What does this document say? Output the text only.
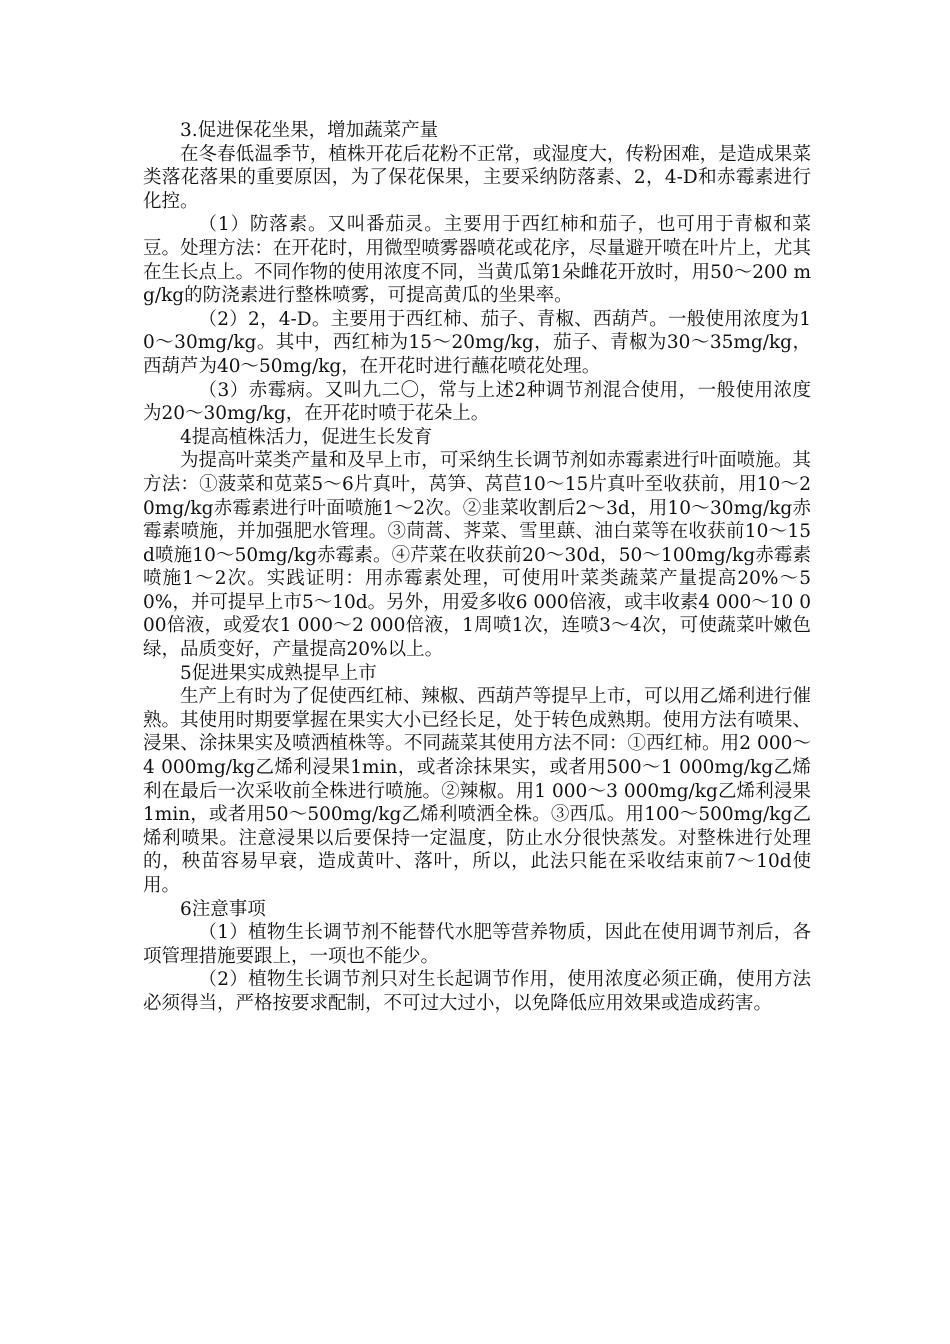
3.促进保花坐果，增加蔬菜产量

在冬春低温季节，植株开花后花粉不正常，或湿度大，传粉困难，是造成果菜类落花落果的重要原因，为了保花保果，主要采纳防落素、2，4-D和赤霉素进行化控。

（1）防落素。又叫番茄灵。主要用于西红柿和茄子，也可用于青椒和菜豆。处理方法：在开花时，用微型喷雾器喷花或花序，尽量避开喷在叶片上，尤其在生长点上。不同作物的使用浓度不同，当黄瓜第1朵雌花开放时，用50～200 mg/kg的防浇素进行整株喷雾，可提高黄瓜的坐果率。

（2）2，4-D。主要用于西红柿、茄子、青椒、西葫芦。一般使用浓度为10～30mg/kg。其中，西红柿为15～20mg/kg，茄子、青椒为30～35mg/kg，西葫芦为40～50mg/kg，在开花时进行蘸花喷花处理。

（3）赤霉病。又叫九二〇，常与上述2种调节剂混合使用，一般使用浓度为20～30mg/kg，在开花时喷于花朵上。

4提高植株活力，促进生长发育

为提高叶菜类产量和及早上市，可采纳生长调节剂如赤霉素进行叶面喷施。其方法：①菠菜和苋菜5～6片真叶，莴笋、莴苣10～15片真叶至收获前，用10～20mg/kg赤霉素进行叶面喷施1～2次。②韭菜收割后2～3d，用10～30mg/kg赤霉素喷施，并加强肥水管理。③茼蒿、荠菜、雪里蕻、油白菜等在收获前10～15d喷施10～50mg/kg赤霉素。④芹菜在收获前20～30d，50～100mg/kg赤霉素喷施1～2次。实践证明：用赤霉素处理，可使用叶菜类蔬菜产量提高20%～50%，并可提早上市5～10d。另外，用爱多收6 000倍液，或丰收素4 000～10 000倍液，或爱农1 000～2 000倍液，1周喷1次，连喷3～4次，可使蔬菜叶嫩色绿，品质变好，产量提高20%以上。

5促进果实成熟提早上市

生产上有时为了促使西红柿、辣椒、西葫芦等提早上市，可以用乙烯利进行催熟。其使用时期要掌握在果实大小已经长足，处于转色成熟期。使用方法有喷果、浸果、涂抹果实及喷洒植株等。不同蔬菜其使用方法不同：①西红柿。用2 000～4 000mg/kg乙烯利浸果1min，或者涂抹果实，或者用500～1 000mg/kg乙烯利在最后一次采收前全株进行喷施。②辣椒。用1 000～3 000mg/kg乙烯利浸果1min，或者用50～500mg/kg乙烯利喷洒全株。③西瓜。用100～500mg/kg乙烯利喷果。注意浸果以后要保持一定温度，防止水分很快蒸发。对整株进行处理的，秧苗容易早衰，造成黄叶、落叶，所以，此法只能在采收结束前7～10d使用。

6注意事项

（1）植物生长调节剂不能替代水肥等营养物质，因此在使用调节剂后，各项管理措施要跟上，一项也不能少。

（2）植物生长调节剂只对生长起调节作用，使用浓度必须正确，使用方法必须得当，严格按要求配制，不可过大过小，以免降低应用效果或造成药害。
